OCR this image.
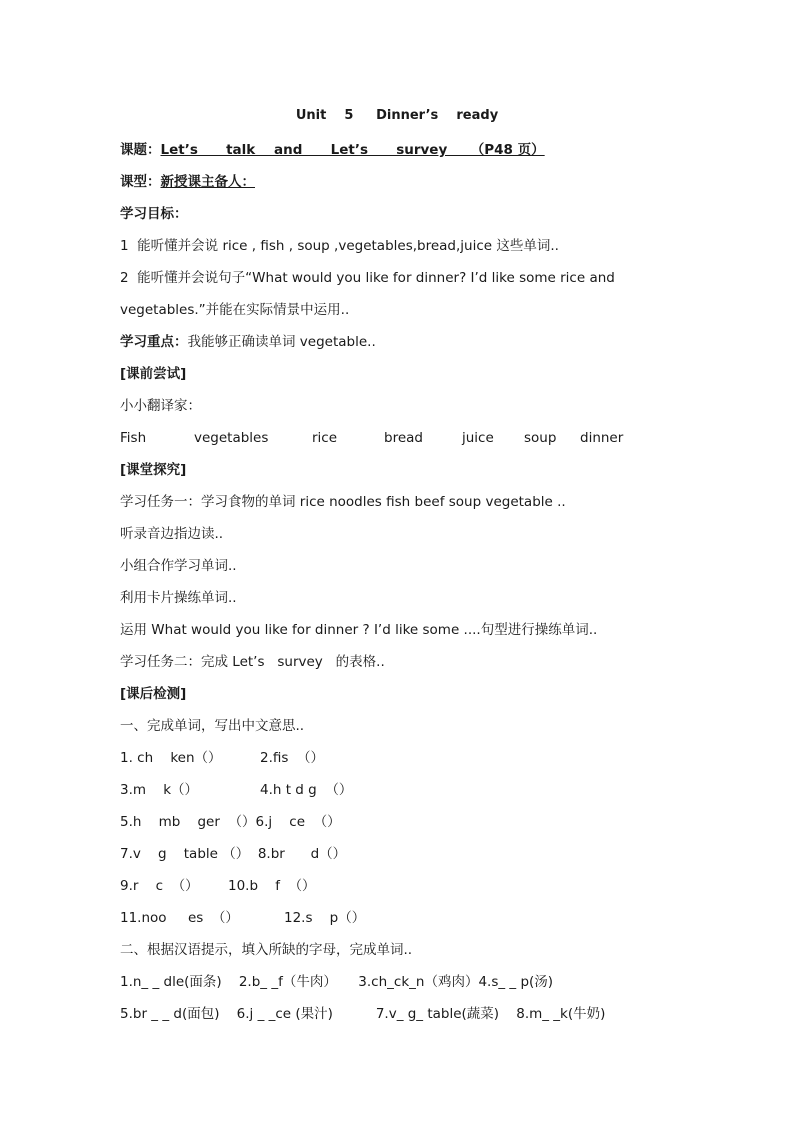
Unit    5     Dinner’s    ready
课题：Let’s      talk    and      Let’s      survey     （P48 页）
课型：新授课主备人：
学习目标：
1  能听懂并会说 rice , fish , soup ,vegetables,bread,juice 这些单词..
2  能听懂并会说句子“What would you like for dinner? I’d like some rice and
vegetables.”并能在实际情景中运用..
学习重点：我能够正确读单词 vegetable..
[课前尝试]
小小翻译家：

Fish

	vegetables

	rice

	bread

	juice

soup

dinner

[课堂探究]
学习任务一：学习食物的单词 rice noodles fish beef soup vegetable ..
听录音边指边读..
小组合作学习单词..
利用卡片操练单词..
运用 What would you like for dinner ? I’d like some ....句型进行操练单词..
学习任务二：完成 Let’s   survey   的表格..
[课后检测]
一、完成单词，写出中文意思..

1. ch    ken（）

	2.fis  （）

3.m    k（）

	4.h t d g  （）

5.h    mb    ger  （）6.j    ce  （）

7.v    g    table （）  8.br      d（）

9.r    c  （）

10.b    f  （）

11.noo     es  （）

	12.s    p（）

二、根据汉语提示，填入所缺的字母，完成单词..
1.n_ _ dle(面条)    2.b_ _f（牛肉）     3.ch_ck_n（鸡肉）4.s_ _ p(汤)
5.br _ _ d(面包)    6.j _ _ce (果汁)          7.v_ g_ table(蔬菜)    8.m_ _k(牛奶)
